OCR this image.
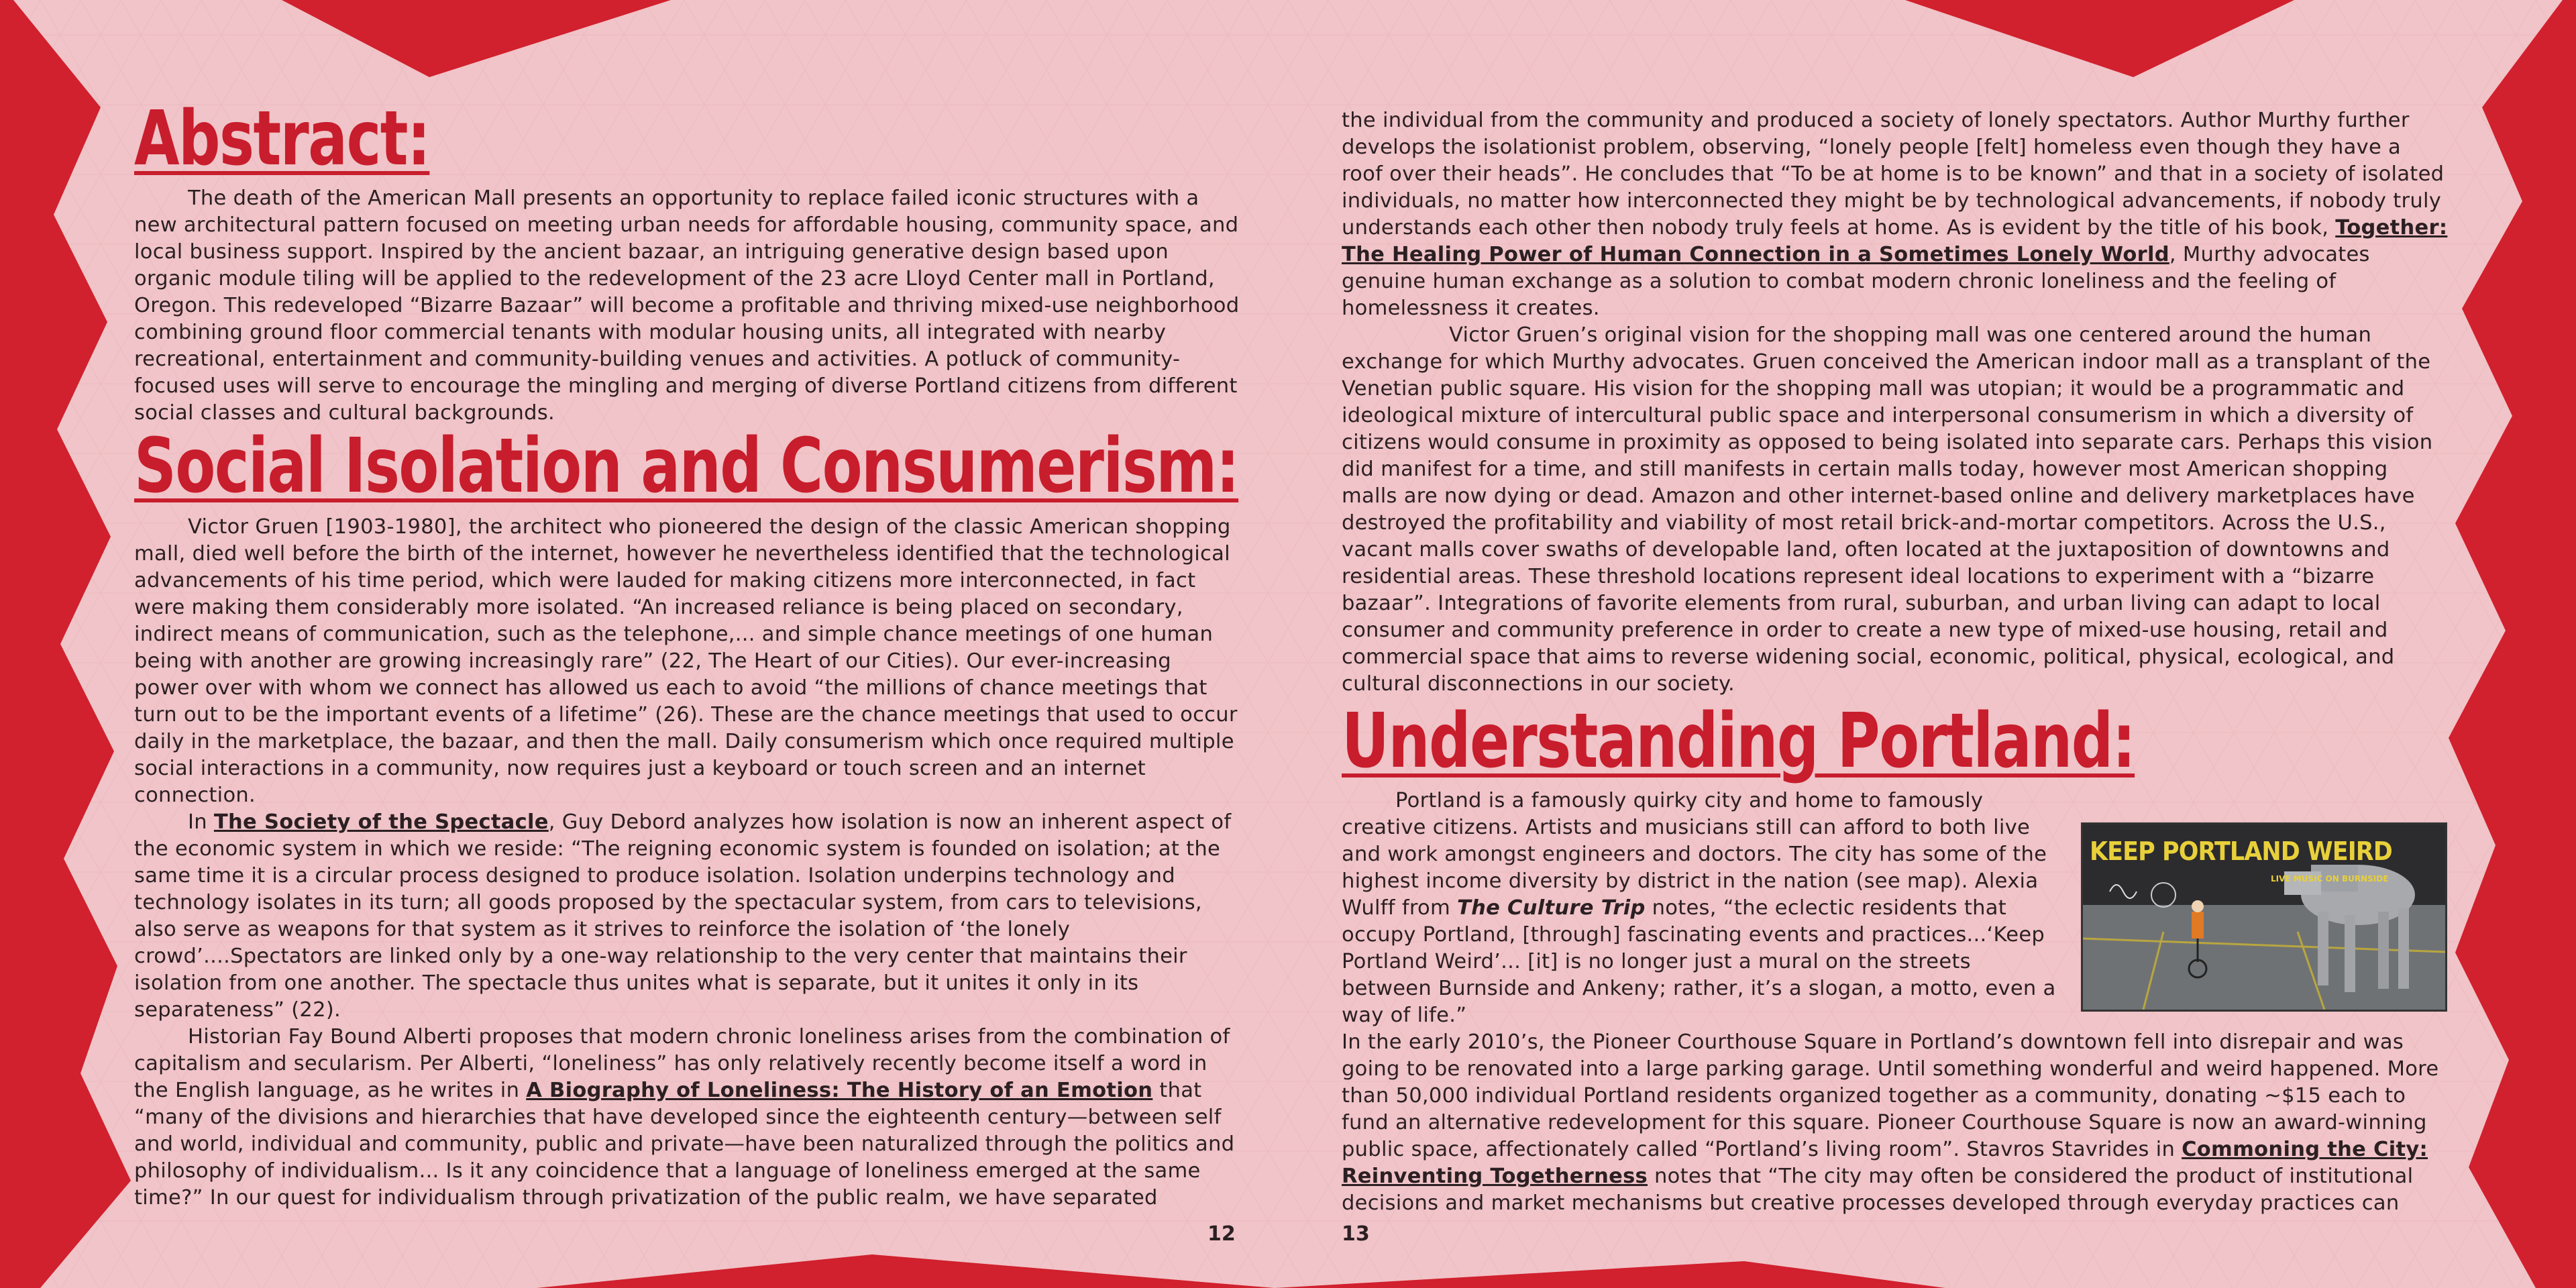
Abstract:

The death of the American Mall presents an opportunity to replace failed iconic structures with a new architectural pattern focused on meeting urban needs for affordable housing, community space, and local business support. Inspired by the ancient bazaar, an intriguing generative design based upon organic module tiling will be applied to the redevelopment of the 23 acre Lloyd Center mall in Portland, Oregon. This redeveloped “Bizarre Bazaar” will become a profitable and thriving mixed-use neighborhood combining ground floor commercial tenants with modular housing units, all integrated with nearby recreational, entertainment and community-building venues and activities. A potluck of community-focused uses will serve to encourage the mingling and merging of diverse Portland citizens from different social classes and cultural backgrounds.

Social Isolation and Consumerism:

Victor Gruen [1903-1980], the architect who pioneered the design of the classic American shopping mall, died well before the birth of the internet, however he nevertheless identified that the technological advancements of his time period, which were lauded for making citizens more interconnected, in fact were making them considerably more isolated. “An increased reliance is being placed on secondary, indirect means of communication, such as the telephone,... and simple chance meetings of one human being with another are growing increasingly rare” (22, The Heart of our Cities). Our ever-increasing power over with whom we connect has allowed us each to avoid “the millions of chance meetings that turn out to be the important events of a lifetime” (26). These are the chance meetings that used to occur daily in the marketplace, the bazaar, and then the mall. Daily consumerism which once required multiple social interactions in a community, now requires just a keyboard or touch screen and an internet connection.

In The Society of the Spectacle, Guy Debord analyzes how isolation is now an inherent aspect of the economic system in which we reside: “The reigning economic system is founded on isolation; at the same time it is a circular process designed to produce isolation. Isolation underpins technology and technology isolates in its turn; all goods proposed by the spectacular system, from cars to televisions, also serve as weapons for that system as it strives to reinforce the isolation of ‘the lonely crowd’....Spectators are linked only by a one-way relationship to the very center that maintains their isolation from one another. The spectacle thus unites what is separate, but it unites it only in its separateness” (22).

Historian Fay Bound Alberti proposes that modern chronic loneliness arises from the combination of capitalism and secularism. Per Alberti, “loneliness” has only relatively recently become itself a word in the English language, as he writes in A Biography of Loneliness: The History of an Emotion that “many of the divisions and hierarchies that have developed since the eighteenth century—between self and world, individual and community, public and private—have been naturalized through the politics and philosophy of individualism... Is it any coincidence that a language of loneliness emerged at the same time?” In our quest for individualism through privatization of the public realm, we have separated

12

the individual from the community and produced a society of lonely spectators. Author Murthy further develops the isolationist problem, observing, “lonely people [felt] homeless even though they have a roof over their heads”. He concludes that “To be at home is to be known” and that in a society of isolated individuals, no matter how interconnected they might be by technological advancements, if nobody truly understands each other then nobody truly feels at home. As is evident by the title of his book, Together: The Healing Power of Human Connection in a Sometimes Lonely World, Murthy advocates genuine human exchange as a solution to combat modern chronic loneliness and the feeling of homelessness it creates.

Victor Gruen’s original vision for the shopping mall was one centered around the human exchange for which Murthy advocates. Gruen conceived the American indoor mall as a transplant of the Venetian public square. His vision for the shopping mall was utopian; it would be a programmatic and ideological mixture of intercultural public space and interpersonal consumerism in which a diversity of citizens would consume in proximity as opposed to being isolated into separate cars. Perhaps this vision did manifest for a time, and still manifests in certain malls today, however most American shopping malls are now dying or dead. Amazon and other internet-based online and delivery marketplaces have destroyed the profitability and viability of most retail brick-and-mortar competitors. Across the U.S., vacant malls cover swaths of developable land, often located at the juxtaposition of downtowns and residential areas. These threshold locations represent ideal locations to experiment with a “bizarre bazaar”. Integrations of favorite elements from rural, suburban, and urban living can adapt to local consumer and community preference in order to create a new type of mixed-use housing, retail and commercial space that aims to reverse widening social, economic, political, physical, ecological, and cultural disconnections in our society.

Understanding Portland:

Portland is a famously quirky city and home to famously creative citizens. Artists and musicians still can afford to both live and work amongst engineers and doctors. The city has some of the highest income diversity by district in the nation (see map). Alexia Wulff from The Culture Trip notes, “the eclectic residents that occupy Portland, [through] fascinating events and practices...‘Keep Portland Weird’... [it] is no longer just a mural on the streets between Burnside and Ankeny; rather, it’s a slogan, a motto, even a way of life.”

In the early 2010’s, the Pioneer Courthouse Square in Portland’s downtown fell into disrepair and was going to be renovated into a large parking garage. Until something wonderful and weird happened. More than 50,000 individual Portland residents organized together as a community, donating ~$15 each to fund an alternative redevelopment for this square. Pioneer Courthouse Square is now an award-winning public space, affectionately called “Portland’s living room”. Stavros Stavrides in Commoning the City: Reinventing Togetherness notes that “The city may often be considered the product of institutional decisions and market mechanisms but creative processes developed through everyday practices can

13
KEEP PORTLAND WEIRD
LIVE MUSIC ON BURNSIDE
